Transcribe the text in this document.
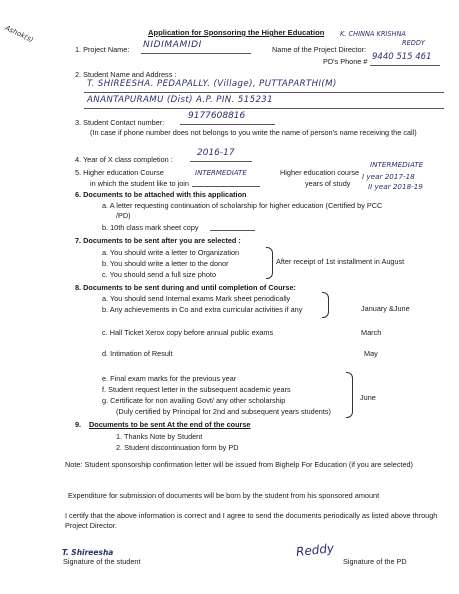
Ashok(s)	Application for Sponsoring the Higher Education
1. Project Name: NIDIMAMIDI	Name of the Project Director:
K. CHINNA KRISHNA
REDDY
PD's Phone # 9440 515 461
2. Student Name and Address :
T. SHIREESHA. PEDAPALLY. (Village), PUTTAPARTHI(M)
ANANTAPURAMU (Dist) A.P. PIN. 515231
3. Student Contact number:
9177608816
(In case if phone number does not belongs to you write the name of person's name receiving the call)
4. Year of X class completion :
2016-17
5. Higher education Course
in which the student like to join
INTERMEDIATE	Higher education course
INTERMEDIATE
years of study
I year 2017-18
II year 2018-19
6. Documents to be attached with this application
a. A letter requesting continuation of scholarship for higher education (Certified by PCC
/PD)
b. 10th class mark sheet copy
7. Documents to be sent after you are selected :
a. You should write a letter to Organization
b. You should write a letter to the donor
c. You should send a full size photo
After receipt of 1st installment in August
8. Documents to be sent during and until completion of Course:
a. You should send Internal exams Mark sheet periodically
b. Any achievements in Co and extra curricular activities if any	January &June
c. Hall Ticket Xerox copy before annual public exams	March
d. Intimation of Result	May
e. Final exam marks for the previous year
f. Student request letter in the subsequent academic years
g. Certificate for non availing Govt/ any other scholarship
(Duly certified by Principal for 2nd and subsequent years students)
June
9. Documents to be sent At the end of the course
1. Thanks Note by Student
2. Student discontinuation form by PD
Note: Student sponsorship confirmation letter will be issued from Bighelp For Education (if you are selected)
Expenditure for submission of documents will be born by the student from his sponsored amount
I certify that the above information is correct and I agree to send the documents periodically as listed above through Project Director.
T. Shireesha
Signature of the student
Reddy
Signature of the PD
